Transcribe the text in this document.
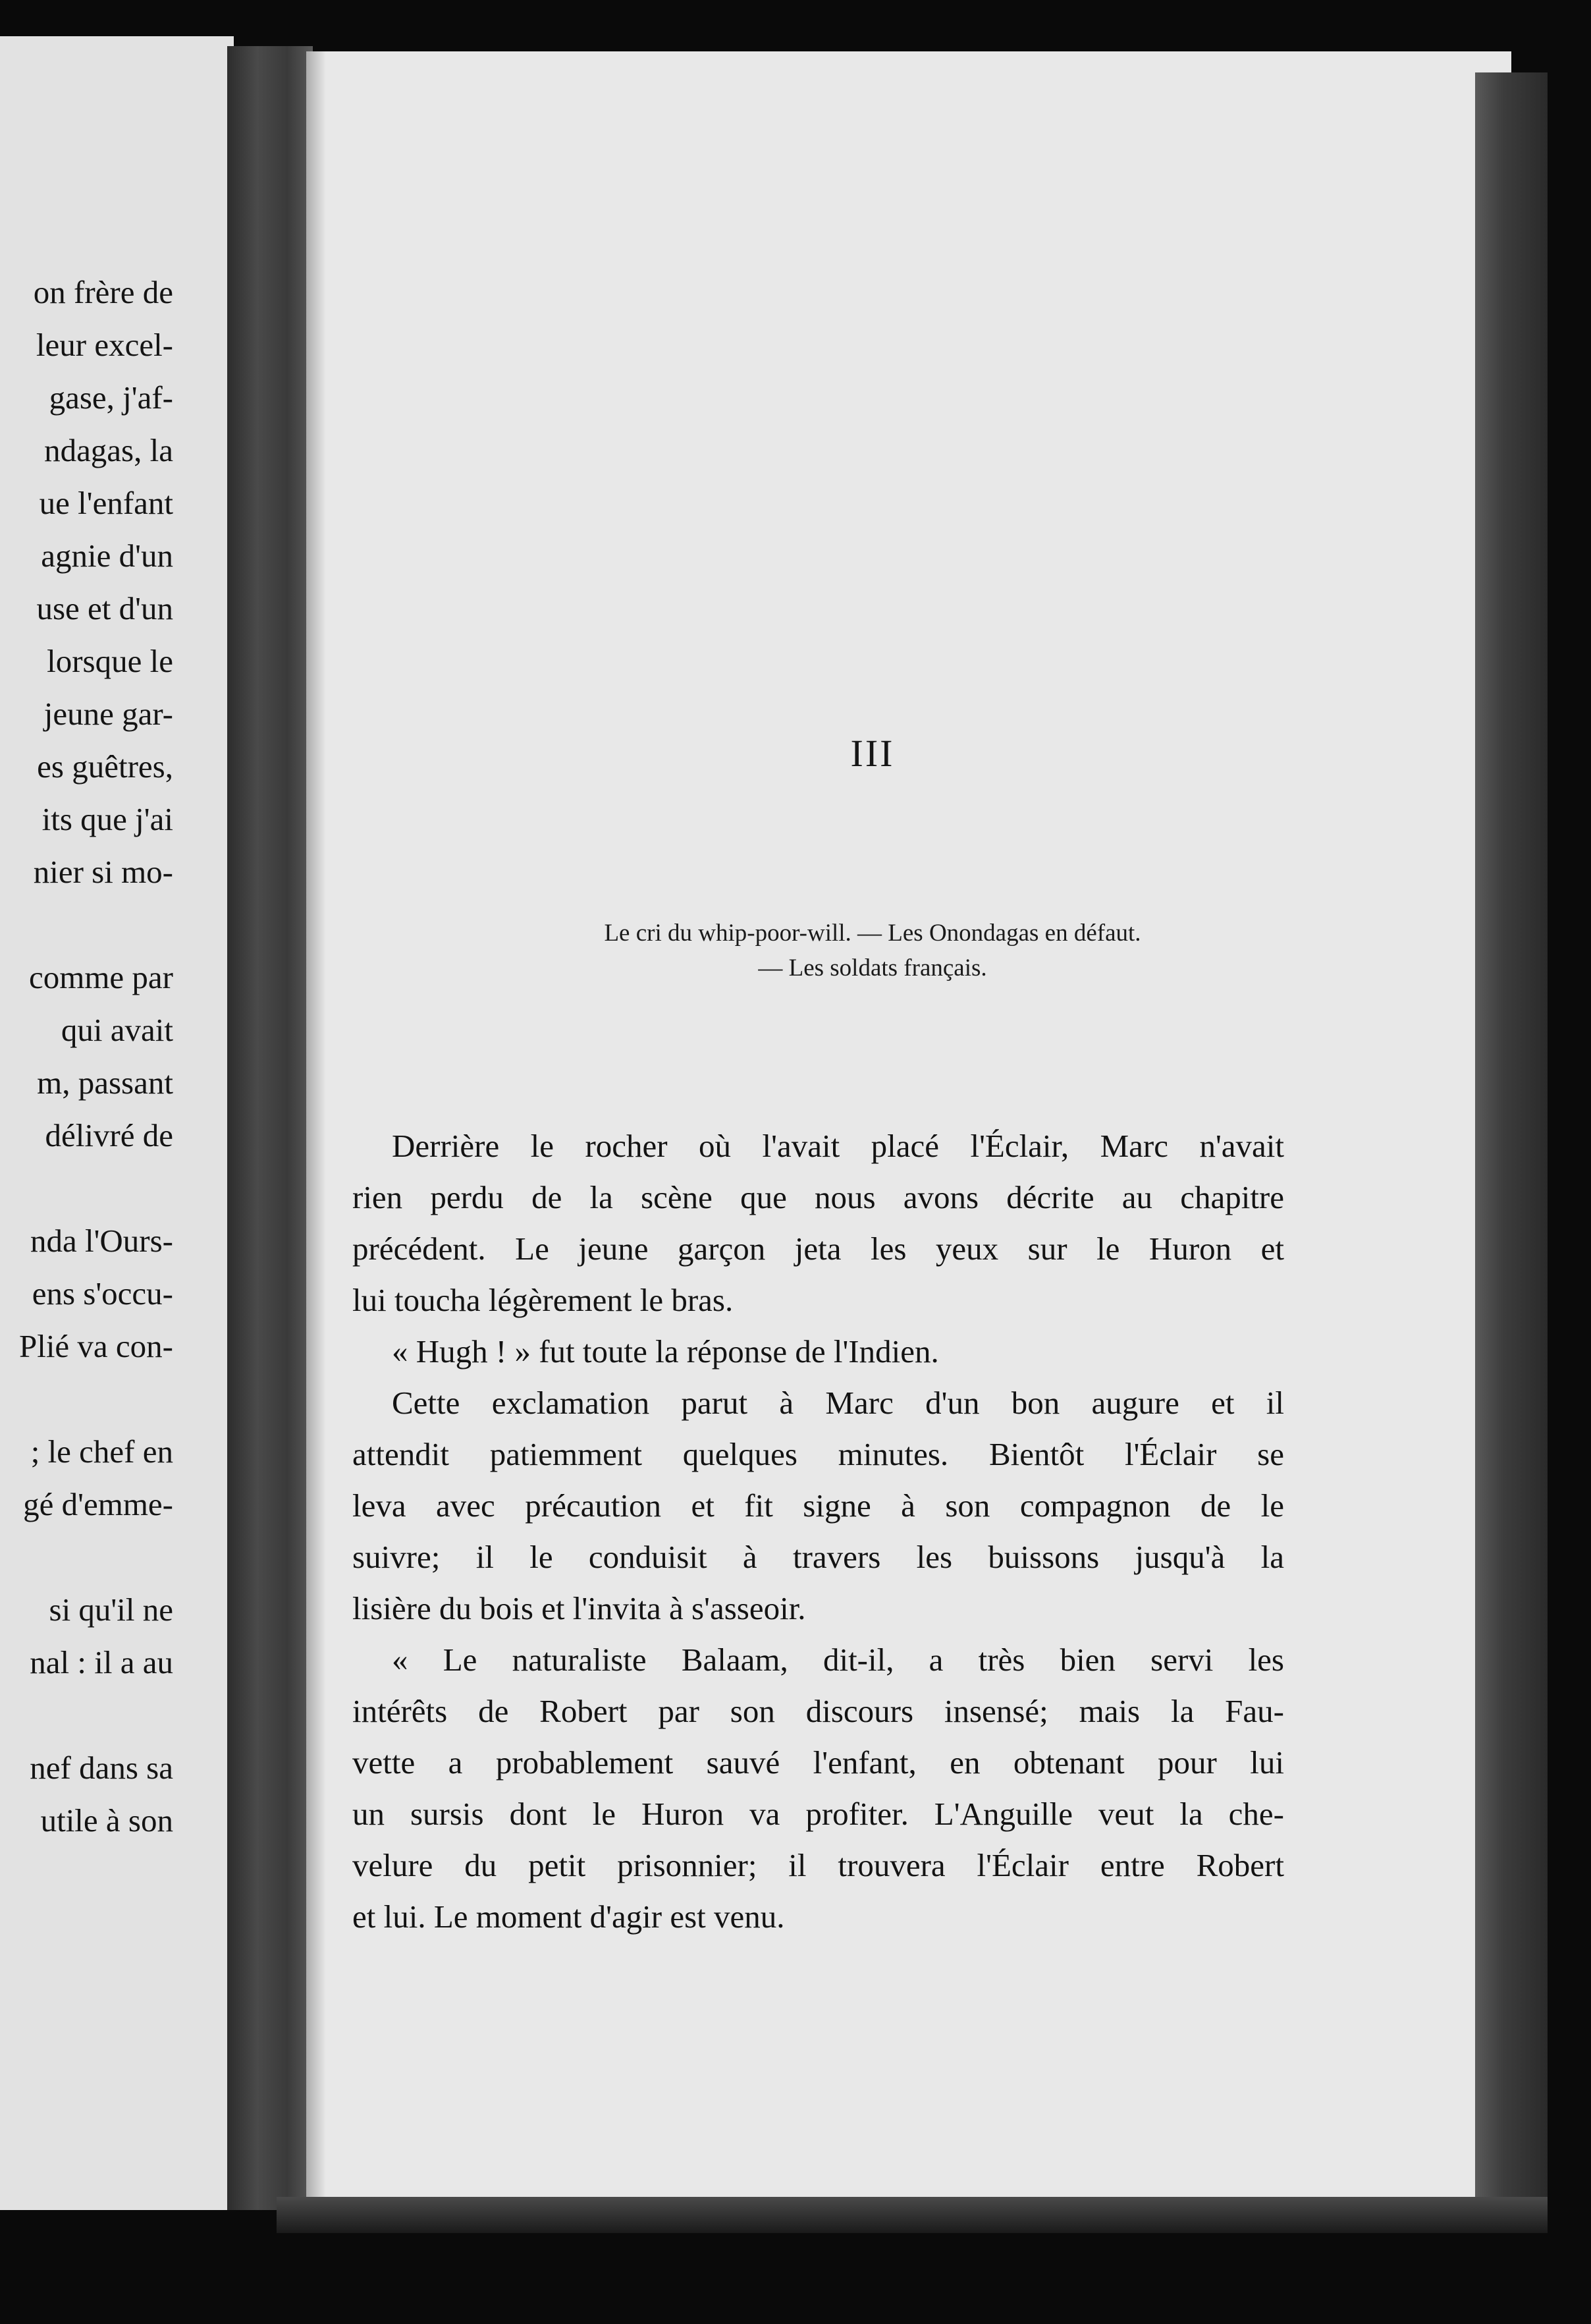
on frère de
leur excel-
gase, j'af-
ndagas, la
ue l'enfant
agnie d'un
use et d'un
lorsque le
jeune gar-
es guêtres,
its que j'ai
nier si mo-
comme par
qui avait
m, passant
délivré de
nda l'Ours-
ens s'occu-
Plié va con-
; le chef en
gé d'emme-
si qu'il ne
nal : il a au
nef dans sa
utile à son
III
Le cri du whip-poor-will. — Les Onondagas en défaut.
— Les soldats français.
Derrière le rocher où l'avait placé l'Éclair, Marc n'avait
rien perdu de la scène que nous avons décrite au chapitre
précédent. Le jeune garçon jeta les yeux sur le Huron et
lui toucha légèrement le bras.
« Hugh ! » fut toute la réponse de l'Indien.
Cette exclamation parut à Marc d'un bon augure et il
attendit patiemment quelques minutes. Bientôt l'Éclair se
leva avec précaution et fit signe à son compagnon de le
suivre; il le conduisit à travers les buissons jusqu'à la
lisière du bois et l'invita à s'asseoir.
« Le naturaliste Balaam, dit-il, a très bien servi les
intérêts de Robert par son discours insensé; mais la Fau-
vette a probablement sauvé l'enfant, en obtenant pour lui
un sursis dont le Huron va profiter. L'Anguille veut la che-
velure du petit prisonnier; il trouvera l'Éclair entre Robert
et lui. Le moment d'agir est venu.
